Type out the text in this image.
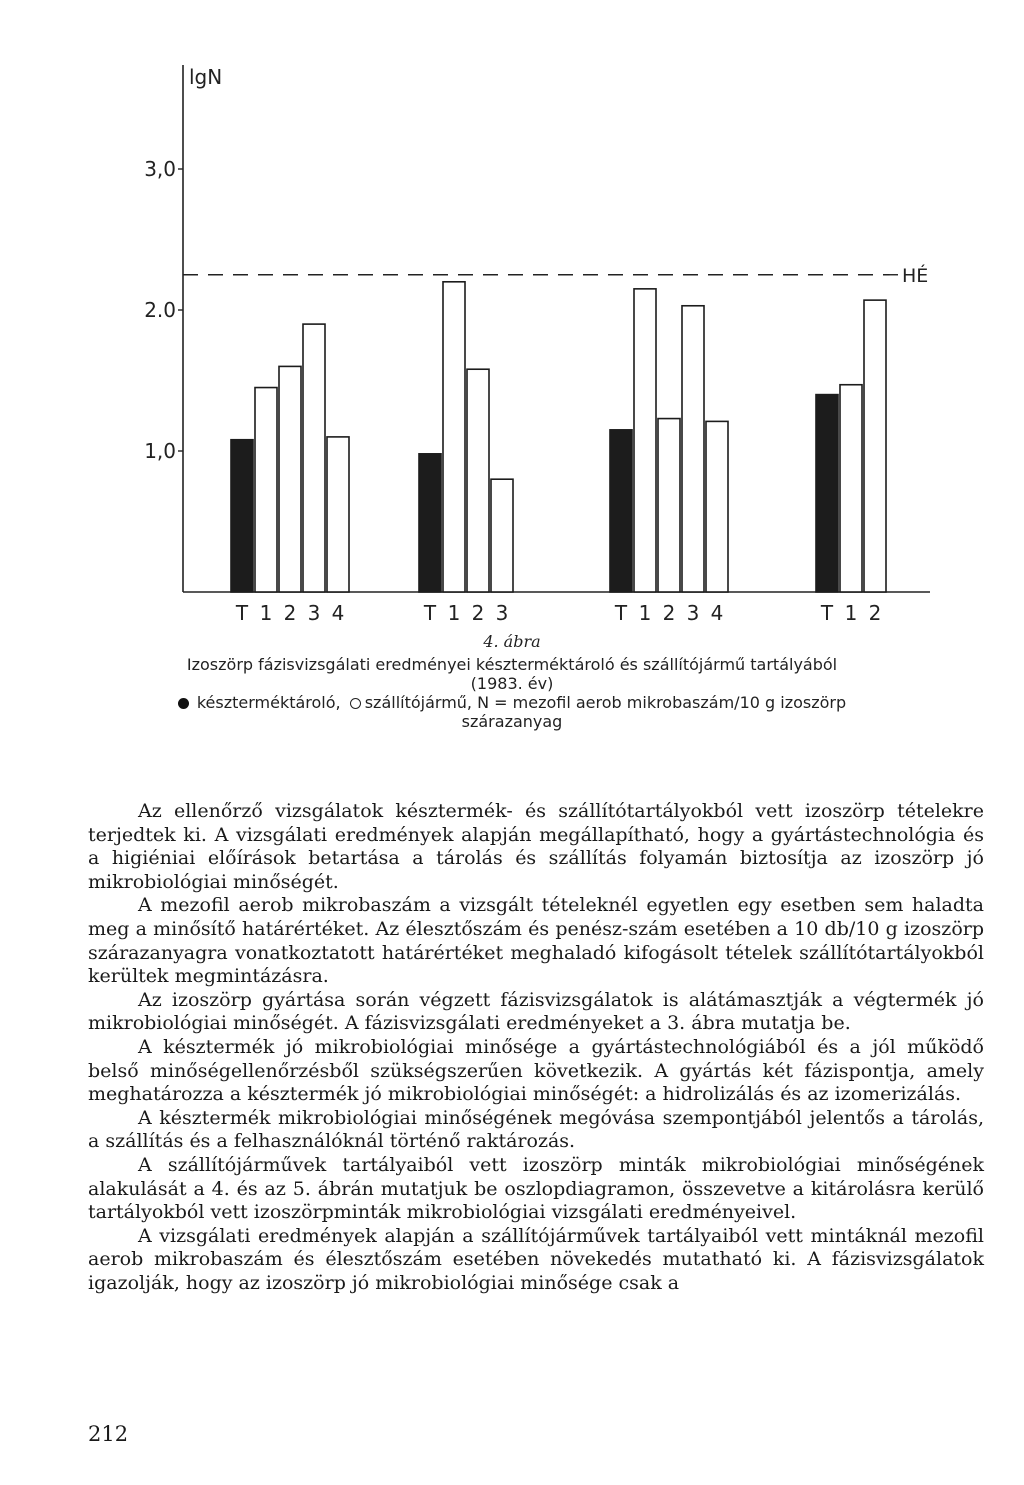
lgN
1,0
2.0
3,0
HÉ
T 1 2 3 4	T 1 2 3	T 1 2 3 4	T 1 2
4. ábra
Izoszörp fázisvizsgálati eredményei készterméktároló és szállítójármű tartályából
(1983. év)
készterméktároló, szállítójármű, N = mezofil aerob mikrobaszám/10 g izoszörp
szárazanyag

Az ellenőrző vizsgálatok késztermék- és szállítótartályokból vett izoszörp tételekre terjedtek ki. A vizsgálati eredmények alapján megállapítható, hogy a gyártástechnológia és a higiéniai előírások betartása a tárolás és szállítás folyamán biztosítja az izoszörp jó mikrobiológiai minőségét.

A mezofil aerob mikrobaszám a vizsgált tételeknél egyetlen egy esetben sem haladta meg a minősítő határértéket. Az élesztőszám és penész-szám esetében a 10 db/10 g izoszörp szárazanyagra vonatkoztatott határértéket meghaladó kifogásolt tételek szállítótartályokból kerültek megmintázásra.

Az izoszörp gyártása során végzett fázisvizsgálatok is alátámasztják a végtermék jó mikrobiológiai minőségét. A fázisvizsgálati eredményeket a 3. ábra mutatja be.

A késztermék jó mikrobiológiai minősége a gyártástechnológiából és a jól működő belső minőségellenőrzésből szükségszerűen következik. A gyártás két fázispontja, amely meghatározza a késztermék jó mikrobiológiai minőségét: a hidrolizálás és az izomerizálás.

A késztermék mikrobiológiai minőségének megóvása szempontjából jelentős a tárolás, a szállítás és a felhasználóknál történő raktározás.

A szállítójárművek tartályaiból vett izoszörp minták mikrobiológiai minőségének alakulását a 4. és az 5. ábrán mutatjuk be oszlopdiagramon, összevetve a kitárolásra kerülő tartályokból vett izoszörpminták mikrobiológiai vizsgálati eredményeivel.

A vizsgálati eredmények alapján a szállítójárművek tartályaiból vett mintáknál mezofil aerob mikrobaszám és élesztőszám esetében növekedés mutatható ki. A fázisvizsgálatok igazolják, hogy az izoszörp jó mikrobiológiai minősége csak a

212
